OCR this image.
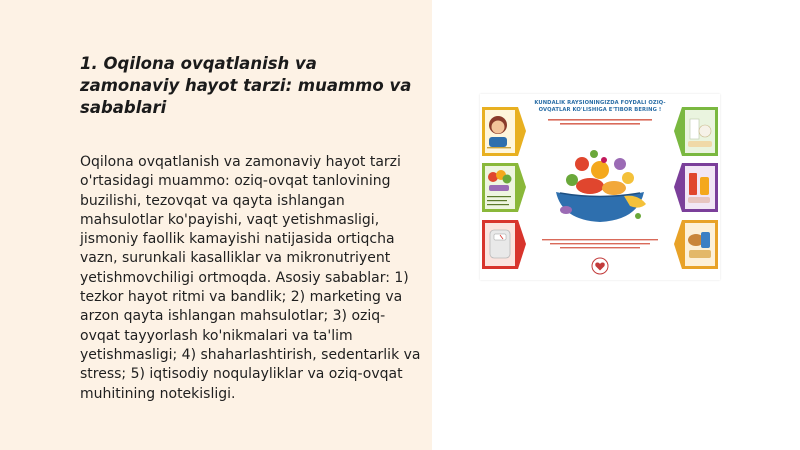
1. Oqilona ovqatlanish va zamonaviy hayot tarzi: muammo va sabablari

Oqilona ovqatlanish va zamonaviy hayot tarzi o'rtasidagi muammo: oziq-ovqat tanlovining buzilishi, tezovqat va qayta ishlangan mahsulotlar ko'payishi, vaqt yetishmasligi, jismoniy faollik kamayishi natijasida ortiqcha vazn, surunkali kasalliklar va mikronutriyent yetishmovchiligi ortmoqda. Asosiy sabablar: 1) tezkor hayot ritmi va bandlik; 2) marketing va arzon qayta ishlangan mahsulotlar; 3) oziq-ovqat tayyorlash ko'nikmalari va ta'lim yetishmasligi; 4) shaharlashtirish, sedentarlik va stress; 5) iqtisodiy noqulayliklar va oziq-ovqat muhitining notekisligi.

KUNDALIK RAYSIONINGIZDA FOYDALI OZIQ-OVQATLAR KO'LISHIGA E'TIBOR BERING !
